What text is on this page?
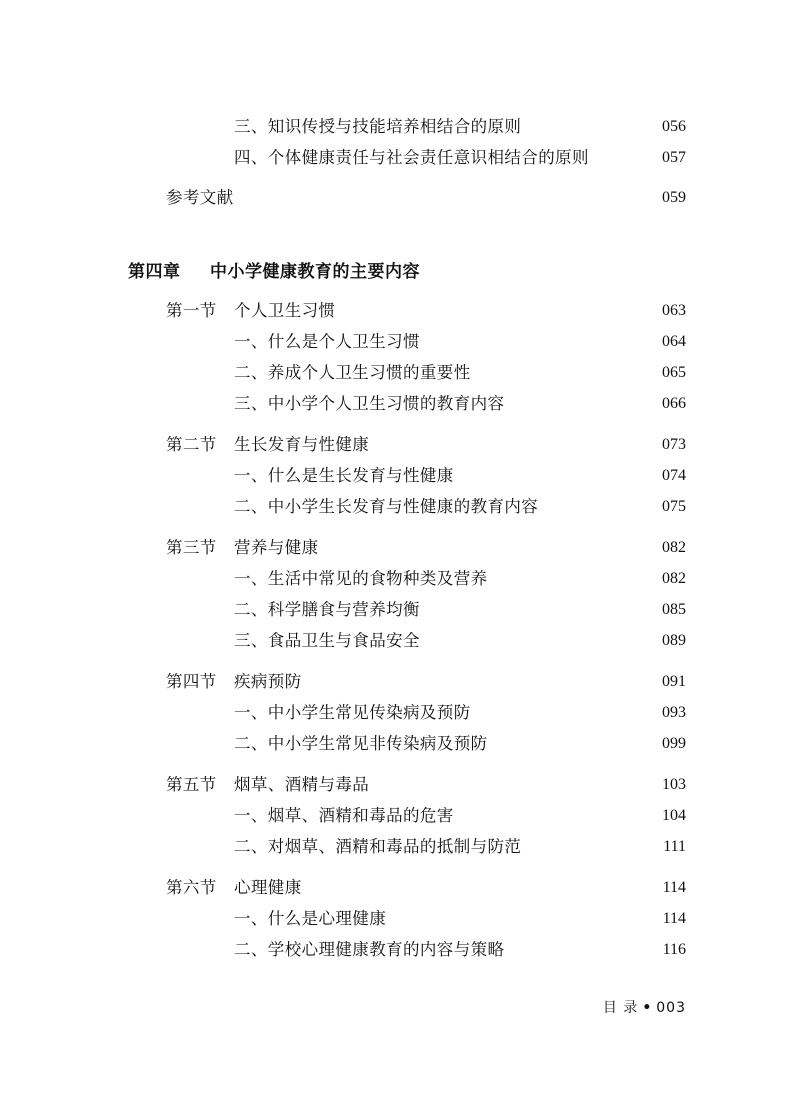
三、知识传授与技能培养相结合的原则	056
四、个体健康责任与社会责任意识相结合的原则	057
参考文献	059
第四章 中小学健康教育的主要内容
第一节 个人卫生习惯	063
一、什么是个人卫生习惯	064
二、养成个人卫生习惯的重要性	065
三、中小学个人卫生习惯的教育内容	066
第二节 生长发育与性健康	073
一、什么是生长发育与性健康	074
二、中小学生长发育与性健康的教育内容	075
第三节 营养与健康	082
一、生活中常见的食物种类及营养	082
二、科学膳食与营养均衡	085
三、食品卫生与食品安全	089
第四节 疾病预防	091
一、中小学生常见传染病及预防	093
二、中小学生常见非传染病及预防	099
第五节 烟草、酒精与毒品	103
一、烟草、酒精和毒品的危害	104
二、对烟草、酒精和毒品的抵制与防范	111
第六节 心理健康	114
一、什么是心理健康	114
二、学校心理健康教育的内容与策略	116
目 录 • 003
